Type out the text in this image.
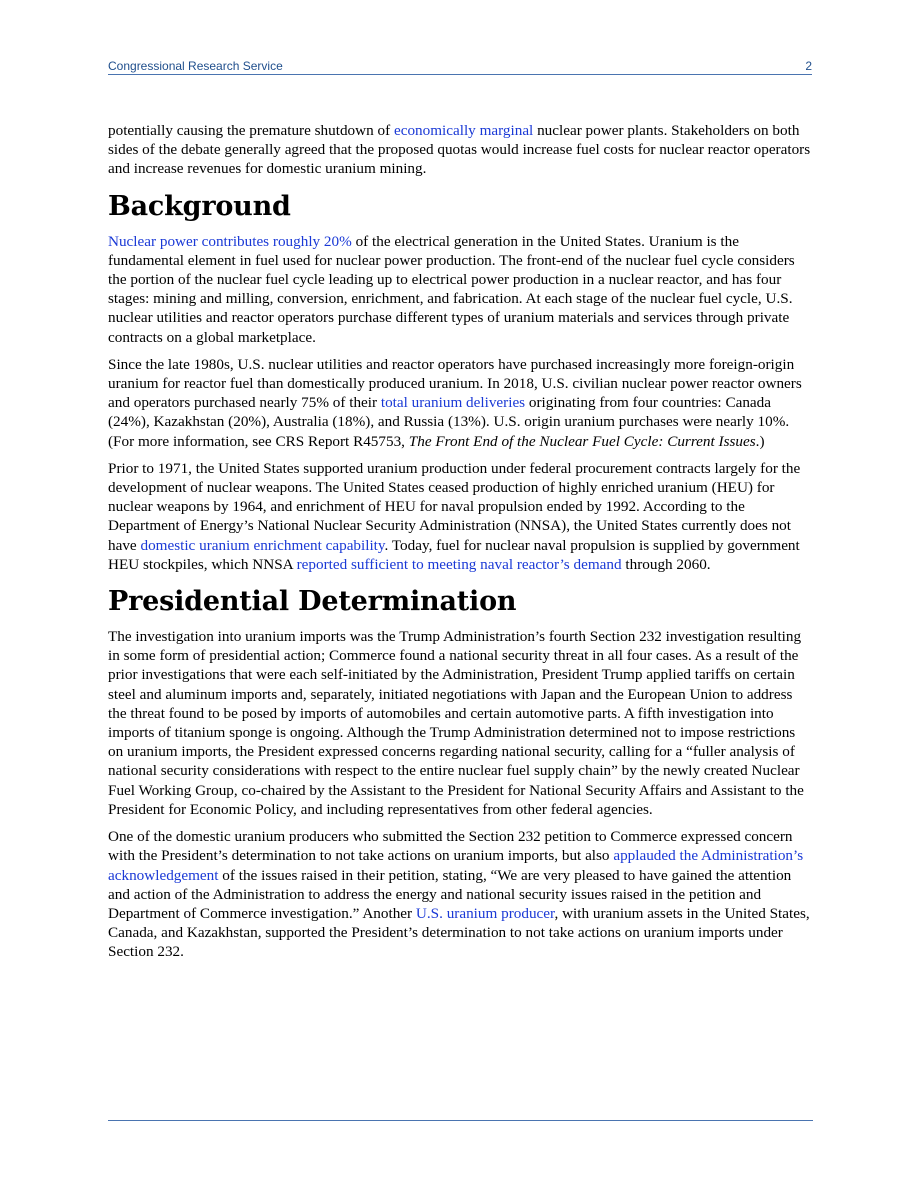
Congressional Research Service	2

potentially causing the premature shutdown of economically marginal nuclear power plants. Stakeholders on both sides of the debate generally agreed that the proposed quotas would increase fuel costs for nuclear reactor operators and increase revenues for domestic uranium mining.

Background

Nuclear power contributes roughly 20% of the electrical generation in the United States. Uranium is the fundamental element in fuel used for nuclear power production. The front-end of the nuclear fuel cycle considers the portion of the nuclear fuel cycle leading up to electrical power production in a nuclear reactor, and has four stages: mining and milling, conversion, enrichment, and fabrication. At each stage of the nuclear fuel cycle, U.S. nuclear utilities and reactor operators purchase different types of uranium materials and services through private contracts on a global marketplace.

Since the late 1980s, U.S. nuclear utilities and reactor operators have purchased increasingly more foreign-origin uranium for reactor fuel than domestically produced uranium. In 2018, U.S. civilian nuclear power reactor owners and operators purchased nearly 75% of their total uranium deliveries originating from four countries: Canada (24%), Kazakhstan (20%), Australia (18%), and Russia (13%). U.S. origin uranium purchases were nearly 10%. (For more information, see CRS Report R45753, The Front End of the Nuclear Fuel Cycle: Current Issues.)

Prior to 1971, the United States supported uranium production under federal procurement contracts largely for the development of nuclear weapons. The United States ceased production of highly enriched uranium (HEU) for nuclear weapons by 1964, and enrichment of HEU for naval propulsion ended by 1992. According to the Department of Energy’s National Nuclear Security Administration (NNSA), the United States currently does not have domestic uranium enrichment capability. Today, fuel for nuclear naval propulsion is supplied by government HEU stockpiles, which NNSA reported sufficient to meeting naval reactor’s demand through 2060.

Presidential Determination

The investigation into uranium imports was the Trump Administration’s fourth Section 232 investigation resulting in some form of presidential action; Commerce found a national security threat in all four cases. As a result of the prior investigations that were each self-initiated by the Administration, President Trump applied tariffs on certain steel and aluminum imports and, separately, initiated negotiations with Japan and the European Union to address the threat found to be posed by imports of automobiles and certain automotive parts. A fifth investigation into imports of titanium sponge is ongoing. Although the Trump Administration determined not to impose restrictions on uranium imports, the President expressed concerns regarding national security, calling for a “fuller analysis of national security considerations with respect to the entire nuclear fuel supply chain” by the newly created Nuclear Fuel Working Group, co-chaired by the Assistant to the President for National Security Affairs and Assistant to the President for Economic Policy, and including representatives from other federal agencies.

One of the domestic uranium producers who submitted the Section 232 petition to Commerce expressed concern with the President’s determination to not take actions on uranium imports, but also applauded the Administration’s acknowledgement of the issues raised in their petition, stating, “We are very pleased to have gained the attention and action of the Administration to address the energy and national security issues raised in the petition and Department of Commerce investigation.” Another U.S. uranium producer, with uranium assets in the United States, Canada, and Kazakhstan, supported the President’s determination to not take actions on uranium imports under Section 232.
